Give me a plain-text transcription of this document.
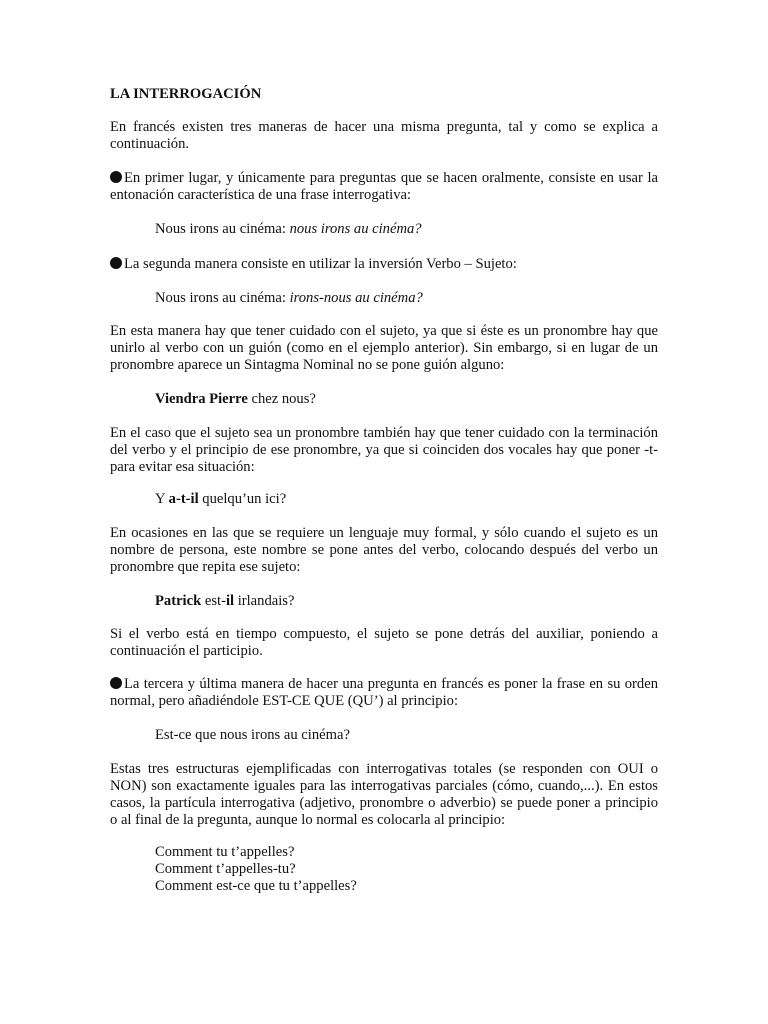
LA INTERROGACIÓN

En francés existen tres maneras de hacer una misma pregunta, tal y como se explica a continuación.

En primer lugar, y únicamente para preguntas que se hacen oralmente, consiste en usar la entonación característica de una frase interrogativa:

Nous irons au cinéma: nous irons au cinéma?

La segunda manera consiste en utilizar la inversión Verbo – Sujeto:

Nous irons au cinéma: irons-nous au cinéma?

En esta manera hay que tener cuidado con el sujeto, ya que si éste es un pronombre hay que unirlo al verbo con un guión (como en el ejemplo anterior). Sin embargo, si en lugar de un pronombre aparece un Sintagma Nominal no se pone guión alguno:

Viendra Pierre chez nous?

En el caso que el sujeto sea un pronombre también hay que tener cuidado con la terminación del verbo y el principio de ese pronombre, ya que si coinciden dos vocales hay que poner -t- para evitar esa situación:

Y a-t-il quelqu’un ici?

En ocasiones en las que se requiere un lenguaje muy formal, y sólo cuando el sujeto es un nombre de persona, este nombre se pone antes del verbo, colocando después del verbo un pronombre que repita ese sujeto:

Patrick est-il irlandais?

Si el verbo está en tiempo compuesto, el sujeto se pone detrás del auxiliar, poniendo a continuación el participio.

La tercera y última manera de hacer una pregunta en francés es poner la frase en su orden normal, pero añadiéndole EST-CE QUE (QU’) al principio:

Est-ce que nous irons au cinéma?

Estas tres estructuras ejemplificadas con interrogativas totales (se responden con OUI o NON) son exactamente iguales para las interrogativas parciales (cómo, cuando,...). En estos casos, la partícula interrogativa (adjetivo, pronombre o adverbio) se puede poner a principio o al final de la pregunta, aunque lo normal es colocarla al principio:

Comment tu t’appelles?
Comment t’appelles-tu?
Comment est-ce que tu t’appelles?
